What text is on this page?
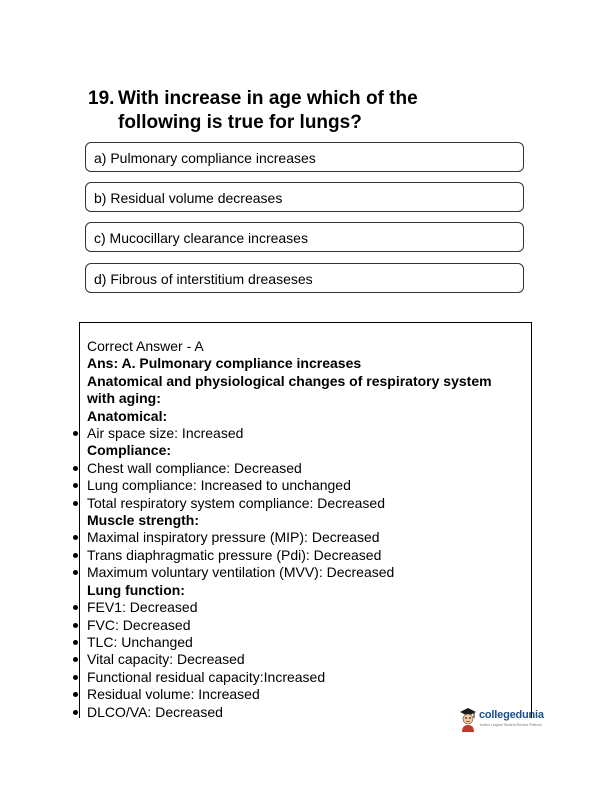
19. With increase in age which of the
following is true for lungs?
a) Pulmonary compliance increases
b) Residual volume decreases
c) Mucocillary clearance increases
d) Fibrous of interstitium dreaseses
Correct Answer - A
Ans: A. Pulmonary compliance increases
Anatomical and physiological changes of respiratory system
with aging:
Anatomical:
Air space size: Increased
Compliance:
Chest wall compliance: Decreased
Lung compliance: Increased to unchanged
Total respiratory system compliance: Decreased
Muscle strength:
Maximal inspiratory pressure (MIP): Decreased
Trans diaphragmatic pressure (Pdi): Decreased
Maximum voluntary ventilation (MVV): Decreased
Lung function:
FEV1: Decreased
FVC: Decreased
TLC: Unchanged
Vital capacity: Decreased
Functional residual capacity:Increased
Residual volume: Increased
DLCO/VA: Decreased	collegedunia
India's Largest Student Review Platform
